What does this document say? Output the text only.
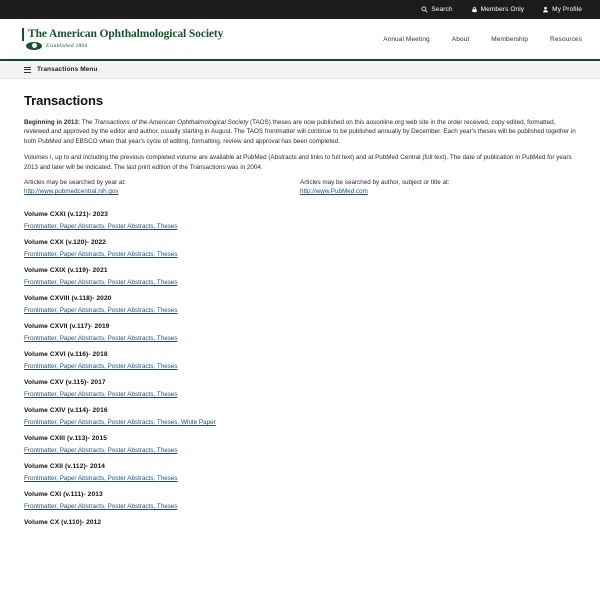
Search	Members Only	My Profile
The American Ophthalmological Society
Established 1864
Annual Meeting	About	Membership	Resources
Transactions Menu
Transactions

Beginning in 2013: The Transactions of the American Ophthalmological Society (TAOS) theses are now published on this aosonline.org web site in the order received, copy edited, formatted, reviewed and approved by the editor and author, usually starting in August. The TAOS frontmatter will continue to be published annually by December. Each year's theses will be published together in both PubMed and EBSCO when that year's cycle of editing, formatting, review and approval has been completed.

Volumes I, up to and including the previous completed volume are available at PubMed (Abstracts and links to full text) and at PubMed Central (full text). The date of publication in PubMed for years 2013 and later will be indicated. The last print edition of the Transactions was in 2004.

Articles may be searched by year at:
http://www.pubmedcentral.nih.gov
Articles may be searched by author, subject or title at:
http://www.PubMed.com
Volume CXXI (v.121)- 2023
Frontmatter, Paper Abstracts, Poster Abstracts, Theses
Volume CXX (v.120)- 2022
Frontmatter, Paper Abstracts, Poster Abstracts, Theses
Volume CXIX (v.119)- 2021
Frontmatter, Paper Abstracts, Poster Abstracts, Theses
Volume CXVIII (v.118)- 2020
Frontmatter, Paper Abstracts, Poster Abstracts, Theses
Volume CXVII (v.117)- 2019
Frontmatter, Paper Abstracts, Poster Abstracts, Theses
Volume CXVI (v.116)- 2018
Frontmatter, Paper Abstracts, Poster Abstracts, Theses
Volume CXV (v.115)- 2017
Frontmatter, Paper Abstracts, Poster Abstracts, Theses
Volume CXIV (v.114)- 2016
Frontmatter, Paper Abstracts, Poster Abstracts, Theses, White Paper
Volume CXIII (v.113)- 2015
Frontmatter, Paper Abstracts, Poster Abstracts, Theses
Volume CXII (v.112)- 2014
Frontmatter, Paper Abstracts, Poster Abstracts, Theses
Volume CXI (v.111)- 2013
Frontmatter, Paper Abstracts, Poster Abstracts, Theses
Volume CX (v.110)- 2012
